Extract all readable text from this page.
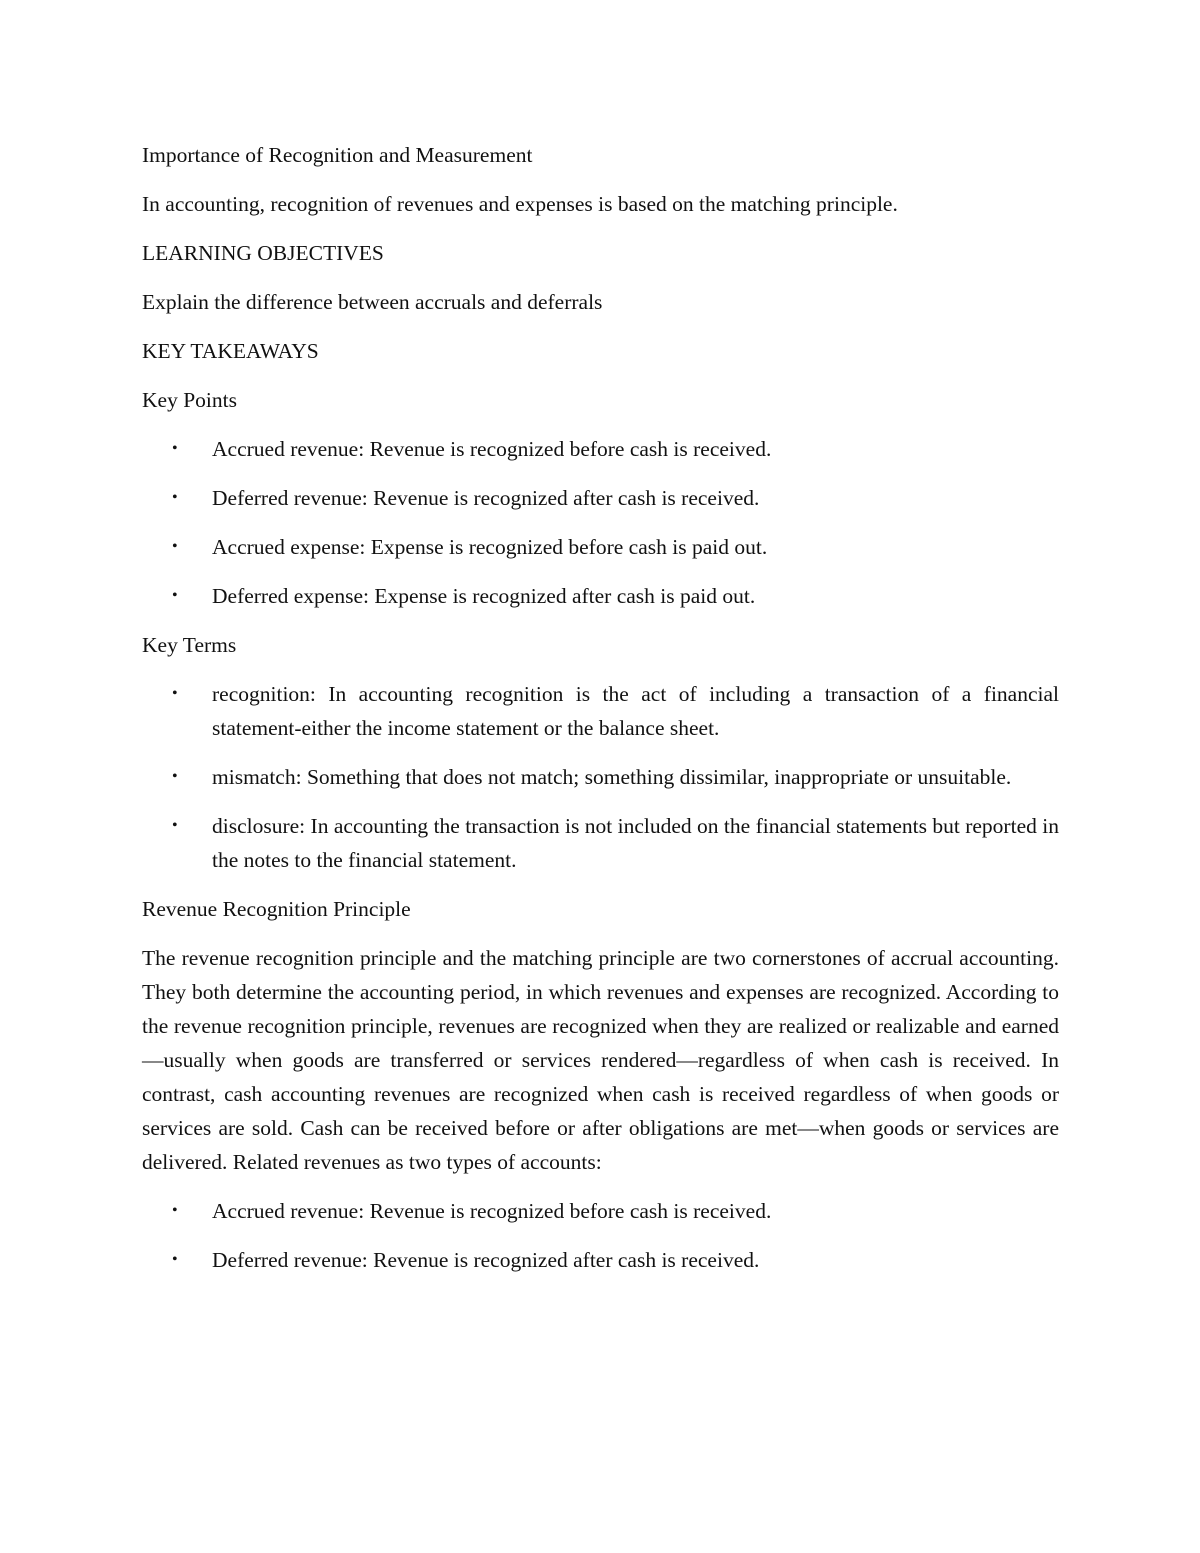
Importance of Recognition and Measurement

In accounting, recognition of revenues and expenses is based on the matching principle.

LEARNING OBJECTIVES

Explain the difference between accruals and deferrals

KEY TAKEAWAYS

Key Points

• Accrued revenue: Revenue is recognized before cash is received.
• Deferred revenue: Revenue is recognized after cash is received.
• Accrued expense: Expense is recognized before cash is paid out.
• Deferred expense: Expense is recognized after cash is paid out.

Key Terms

• recognition: In accounting recognition is the act of including a transaction of a financial statement-either the income statement or the balance sheet.
• mismatch: Something that does not match; something dissimilar, inappropriate or unsuitable.
• disclosure: In accounting the transaction is not included on the financial statements but reported in the notes to the financial statement.

Revenue Recognition Principle

The revenue recognition principle and the matching principle are two cornerstones of accrual accounting. They both determine the accounting period, in which revenues and expenses are recognized. According to the revenue recognition principle, revenues are recognized when they are realized or realizable and earned—usually when goods are transferred or services rendered—regardless of when cash is received. In contrast, cash accounting revenues are recognized when cash is received regardless of when goods or services are sold. Cash can be received before or after obligations are met—when goods or services are delivered. Related revenues as two types of accounts:

• Accrued revenue: Revenue is recognized before cash is received.
• Deferred revenue: Revenue is recognized after cash is received.
